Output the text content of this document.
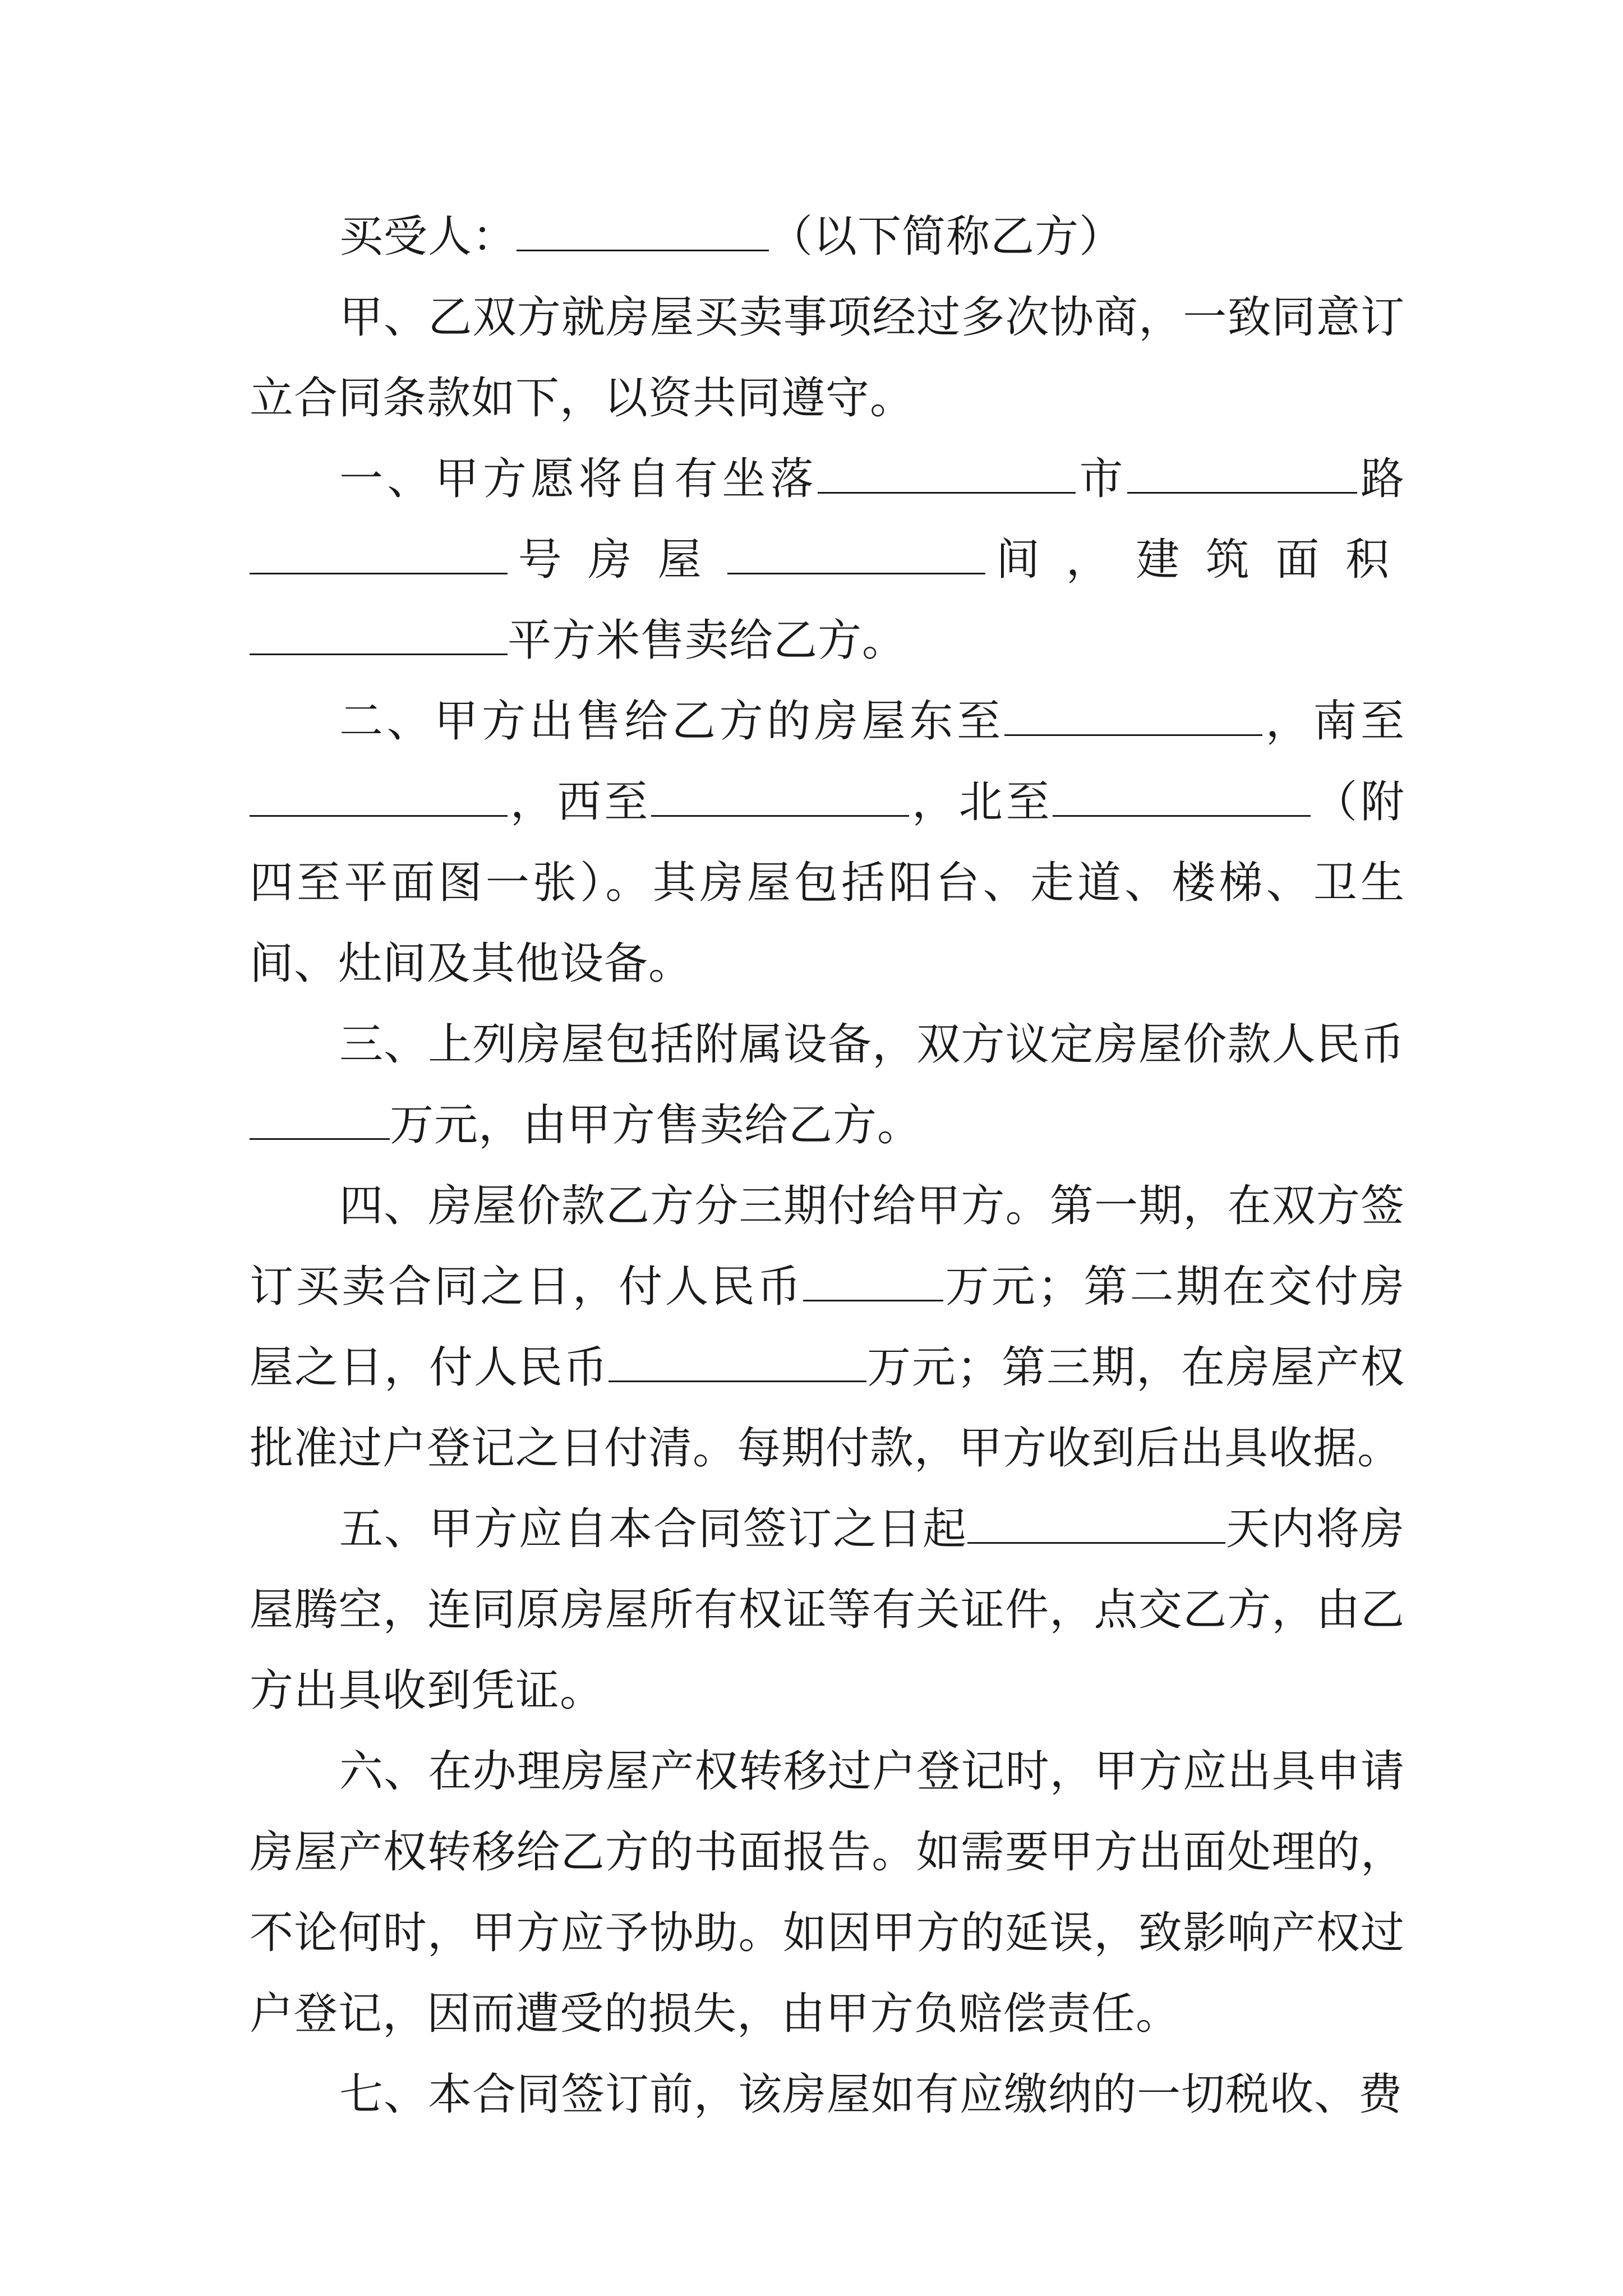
买受人：	（以下简称乙方）

甲、乙双方就房屋买卖事项经过多次协商，一致同意订立合同条款如下，以资共同遵守。

一、甲方愿将自有坐落	市	路号房屋	间，建筑面积平方米售卖给乙方。

二、甲方出售给乙方的房屋东至	，南至，西至	，北至	（附四至平面图一张）。其房屋包括阳台、走道、楼梯、卫生间、灶间及其他设备。

三、上列房屋包括附属设备，双方议定房屋价款人民币万元，由甲方售卖给乙方。

四、房屋价款乙方分三期付给甲方。第一期，在双方签订买卖合同之日，付人民币	万元；第二期在交付房屋之日，付人民币	万元；第三期，在房屋产权批准过户登记之日付清。每期付款，甲方收到后出具收据。

五、甲方应自本合同签订之日起	天内将房屋腾空，连同原房屋所有权证等有关证件，点交乙方，由乙方出具收到凭证。

六、在办理房屋产权转移过户登记时，甲方应出具申请房屋产权转移给乙方的书面报告。如需要甲方出面处理的，不论何时，甲方应予协助。如因甲方的延误，致影响产权过户登记，因而遭受的损失，由甲方负赔偿责任。

七、本合同签订前，该房屋如有应缴纳的一切税收、费
